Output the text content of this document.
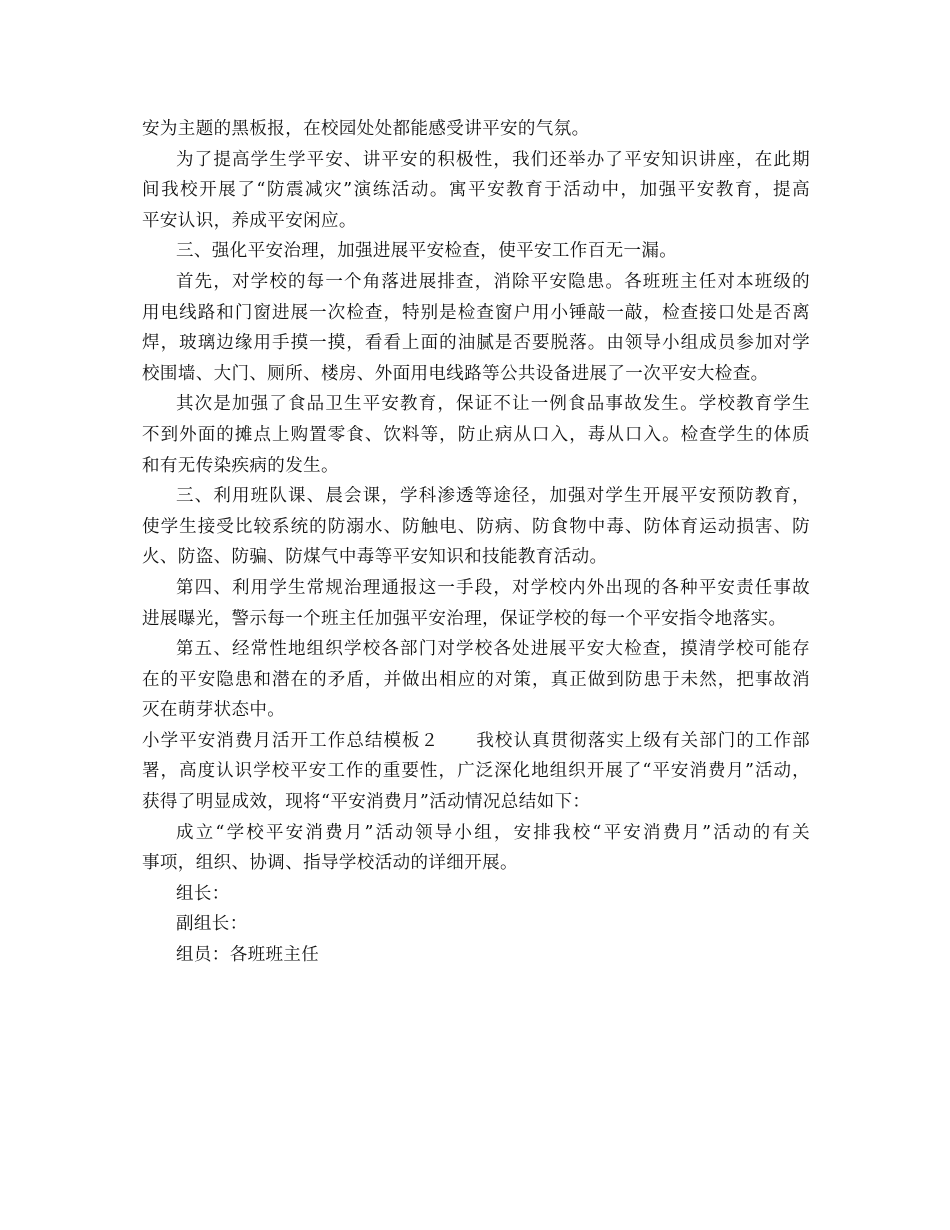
安为主题的黑板报，在校园处处都能感受讲平安的气氛。
为了提高学生学平安、讲平安的积极性，我们还举办了平安知识讲座，在此期
间我校开展了“防震减灾”演练活动。寓平安教育于活动中，加强平安教育，提高
平安认识，养成平安闲应。
三、强化平安治理，加强进展平安检查，使平安工作百无一漏。
首先，对学校的每一个角落进展排查，消除平安隐患。各班班主任对本班级的
用电线路和门窗进展一次检查，特别是检查窗户用小锤敲一敲，检查接口处是否离
焊，玻璃边缘用手摸一摸，看看上面的油腻是否要脱落。由领导小组成员参加对学
校围墙、大门、厕所、楼房、外面用电线路等公共设备进展了一次平安大检查。
其次是加强了食品卫生平安教育，保证不让一例食品事故发生。学校教育学生
不到外面的摊点上购置零食、饮料等，防止病从口入，毒从口入。检查学生的体质
和有无传染疾病的发生。
三、利用班队课、晨会课，学科渗透等途径，加强对学生开展平安预防教育，
使学生接受比较系统的防溺水、防触电、防病、防食物中毒、防体育运动损害、防
火、防盗、防骗、防煤气中毒等平安知识和技能教育活动。
第四、利用学生常规治理通报这一手段，对学校内外出现的各种平安责任事故
进展曝光，警示每一个班主任加强平安治理，保证学校的每一个平安指令地落实。
第五、经常性地组织学校各部门对学校各处进展平安大检查，摸清学校可能存
在的平安隐患和潜在的矛盾，并做出相应的对策，真正做到防患于未然，把事故消
灭在萌芽状态中。
小学平安消费月活开工作总结模板２　　我校认真贯彻落实上级有关部门的工作部
署，高度认识学校平安工作的重要性，广泛深化地组织开展了“平安消费月”活动，
获得了明显成效，现将“平安消费月”活动情况总结如下：
成立“学校平安消费月”活动领导小组，安排我校“平安消费月”活动的有关
事项，组织、协调、指导学校活动的详细开展。
组长：
副组长：
组员：各班班主任
